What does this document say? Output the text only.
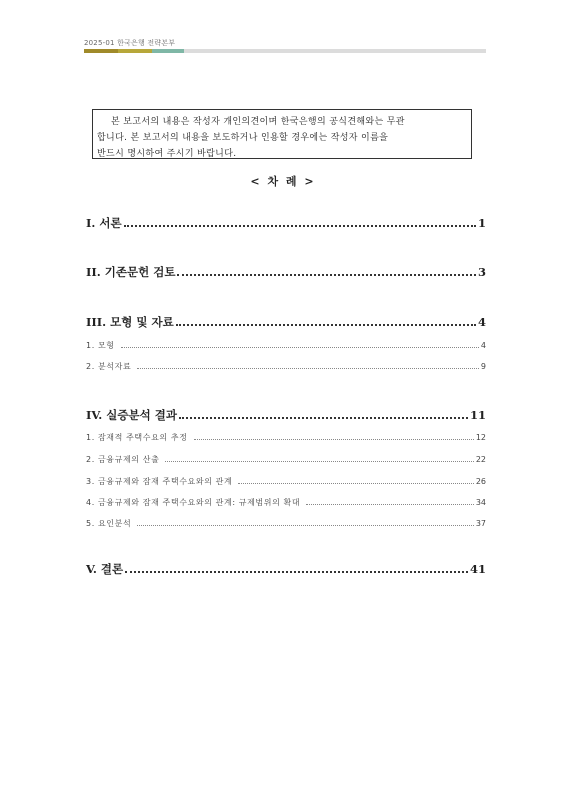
2025-01 한국은행 전략본부
본 보고서의 내용은 작성자 개인의견이며 한국은행의 공식견해와는 무관
합니다. 본 보고서의 내용을 보도하거나 인용할 경우에는 작성자 이름을
반드시 명시하여 주시기 바랍니다.
< 차 례 >
I. 서론	1
II. 기존문헌 검토	3
III. 모형 및 자료	4
1. 모형	4
2. 분석자료	9
IV. 실증분석 결과	11
1. 잠재적 주택수요의 추정	12
2. 금융규제의 산출	22
3. 금융규제와 잠재 주택수요와의 관계	26
4. 금융규제와 잠재 주택수요와의 관계: 규제범위의 확대	34
5. 요인분석	37
V. 결론	41
